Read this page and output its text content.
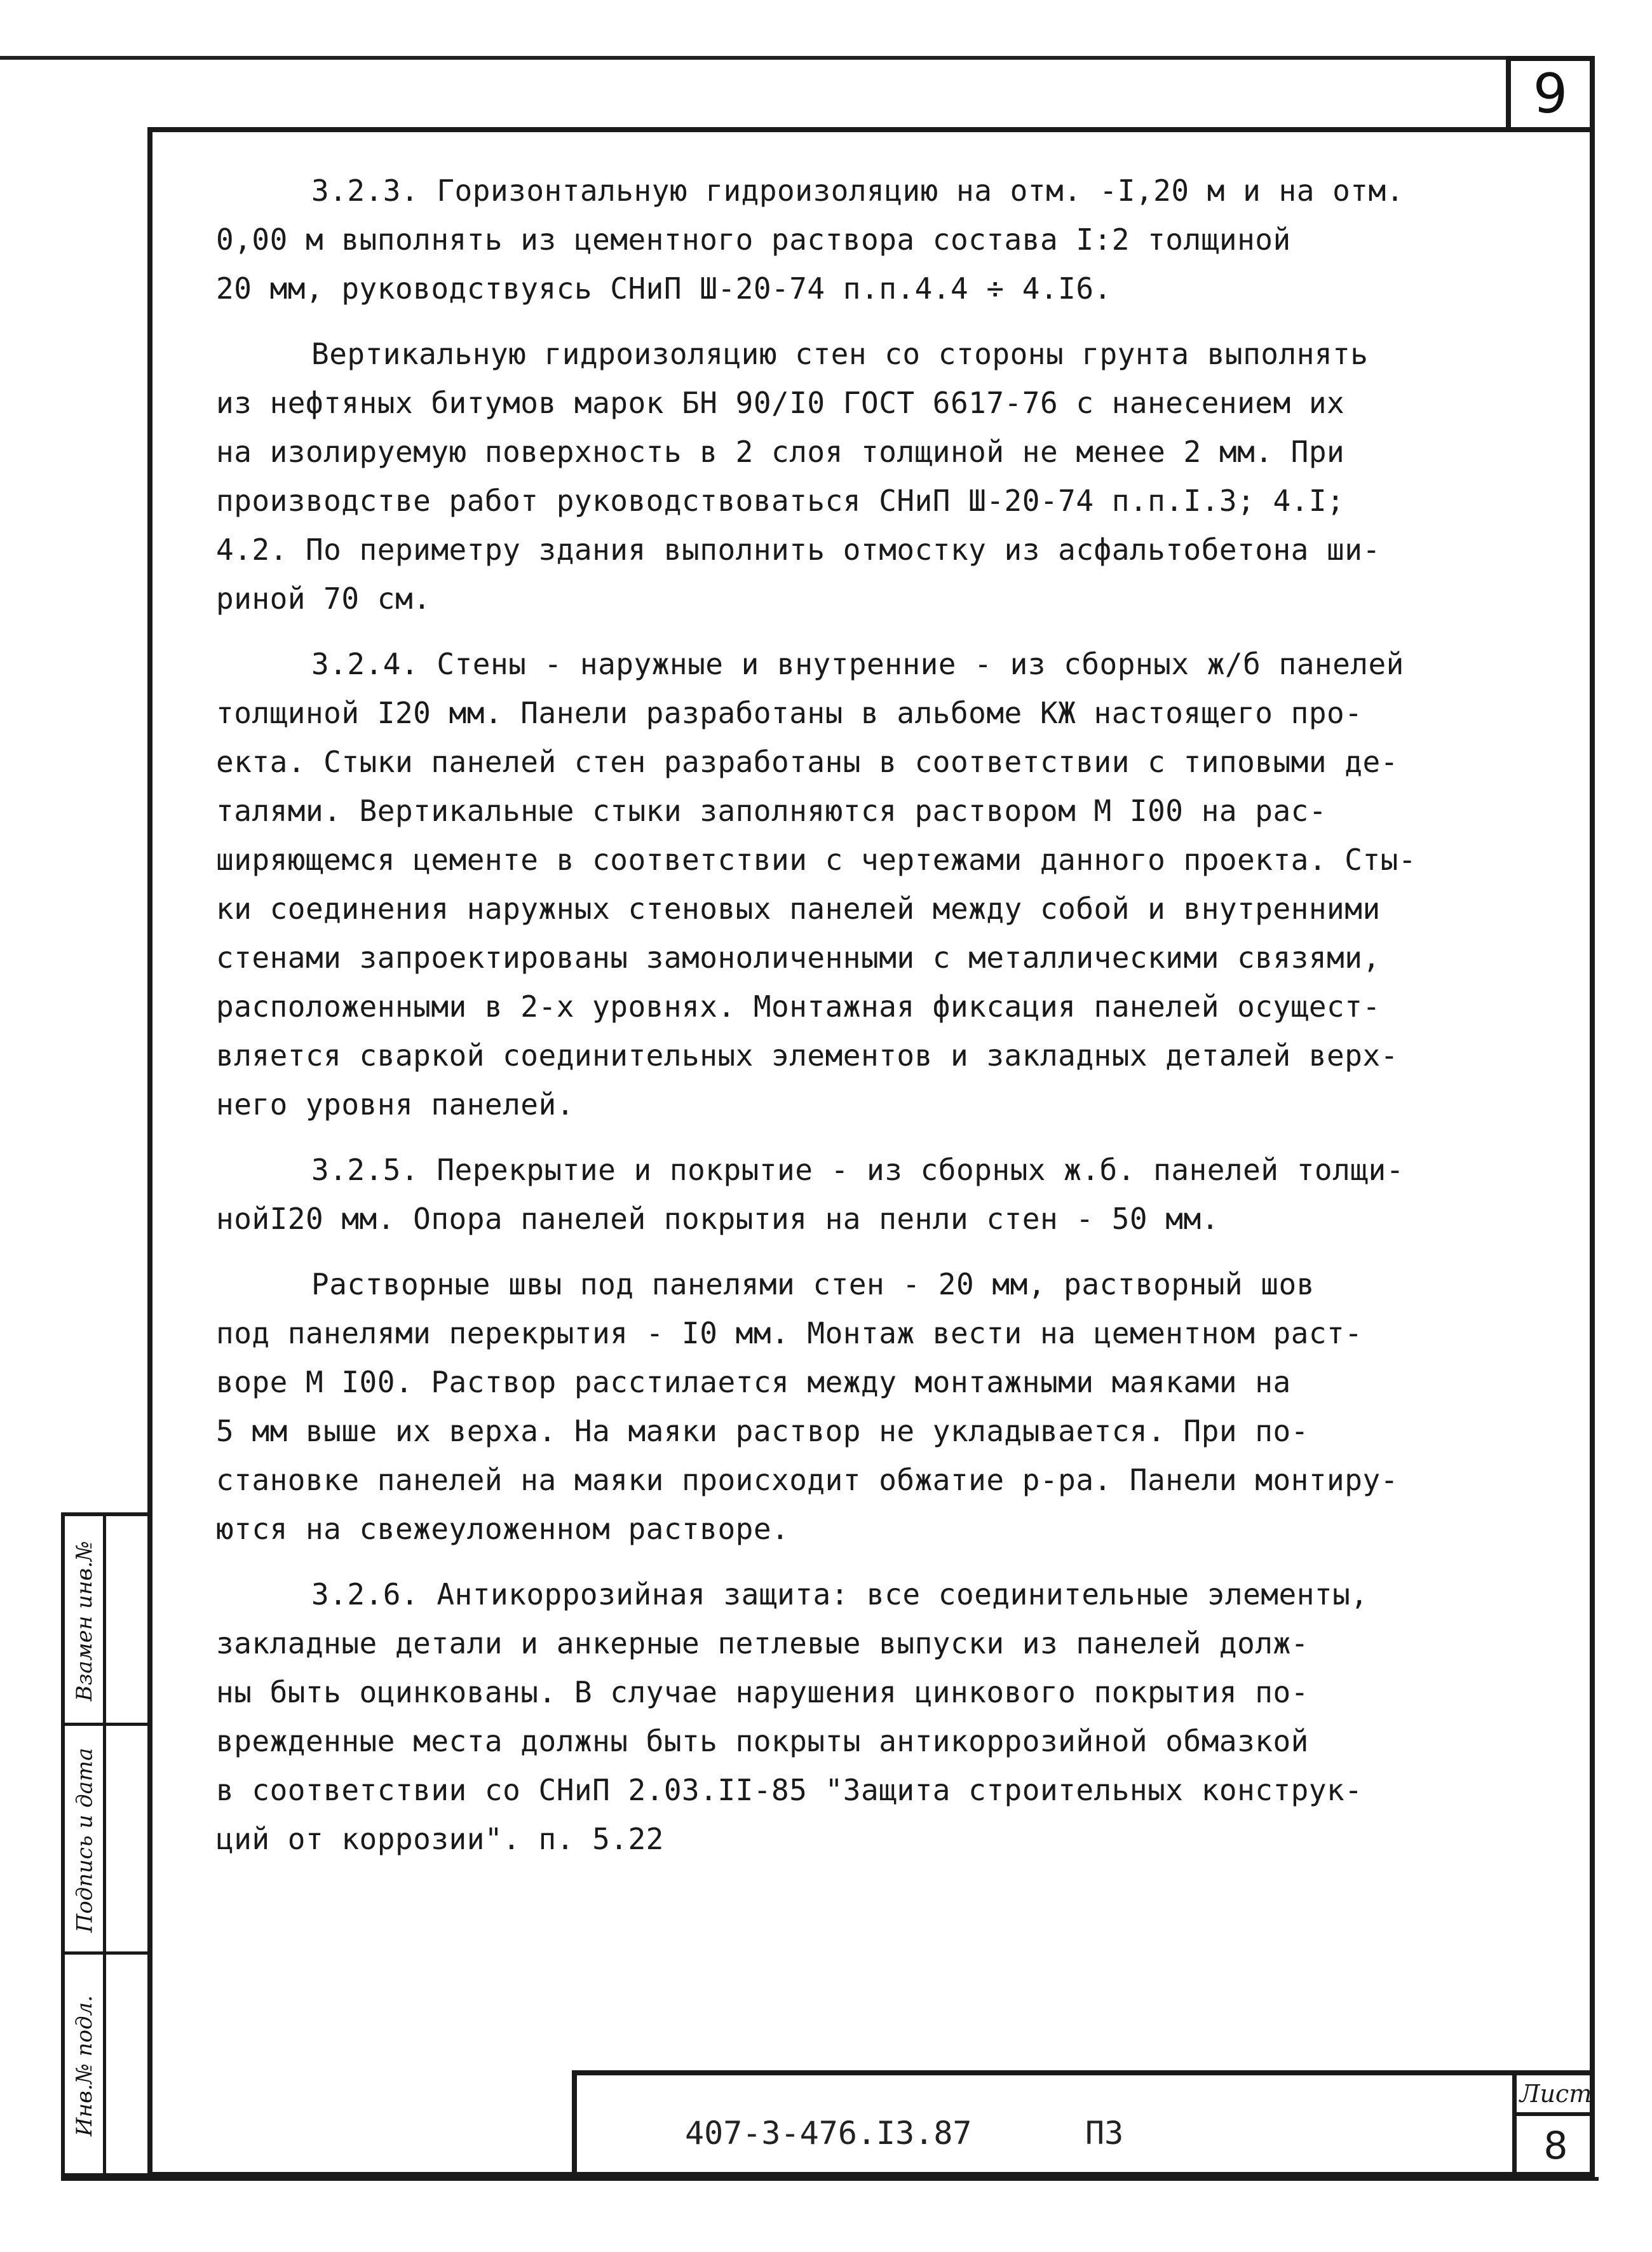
9
Взамен инв.№
Подпись и дата
Инв.№ подл.
3.2.3. Горизонтальную гидроизоляцию на отм. -I,20 м и на отм.
0,00 м выполнять из цементного раствора состава I:2 толщиной
20 мм, руководствуясь СНиП Ш-20-74 п.п.4.4 ÷ 4.I6.
Вертикальную гидроизоляцию стен со стороны грунта выполнять
из нефтяных битумов марок БН 90/I0 ГОСТ 6617-76 с нанесением их
на изолируемую поверхность в 2 слоя толщиной не менее 2 мм. При
производстве работ руководствоваться СНиП Ш-20-74 п.п.I.3; 4.I;
4.2. По периметру здания выполнить отмостку из асфальтобетона ши-
риной 70 см.
3.2.4. Стены - наружные и внутренние - из сборных ж/б панелей
толщиной I20 мм. Панели разработаны в альбоме КЖ настоящего про-
екта. Стыки панелей стен разработаны в соответствии с типовыми де-
талями. Вертикальные стыки заполняются раствором М I00 на рас-
ширяющемся цементе в соответствии с чертежами данного проекта. Сты-
ки соединения наружных стеновых панелей между собой и внутренними
стенами запроектированы замоноличенными с металлическими связями,
расположенными в 2-х уровнях. Монтажная фиксация панелей осущест-
вляется сваркой соединительных элементов и закладных деталей верх-
него уровня панелей.
3.2.5. Перекрытие и покрытие - из сборных ж.б. панелей толщи-
нойI20 мм. Опора панелей покрытия на пенли стен - 50 мм.
Растворные швы под панелями стен - 20 мм, растворный шов
под панелями перекрытия - I0 мм. Монтаж вести на цементном раст-
воре М I00. Раствор расстилается между монтажными маяками на
5 мм выше их верха. На маяки раствор не укладывается. При по-
становке панелей на маяки происходит обжатие р-ра. Панели монтиру-
ются на свежеуложенном растворе.
3.2.6. Антикоррозийная защита: все соединительные элементы,
закладные детали и анкерные петлевые выпуски из панелей долж-
ны быть оцинкованы. В случае нарушения цинкового покрытия по-
врежденные места должны быть покрыты антикоррозийной обмазкой
в соответствии со СНиП 2.03.II-85 "Защита строительных конструк-
ций от коррозии". п. 5.22
407-3-476.I3.87	ПЗ
Лист
8
